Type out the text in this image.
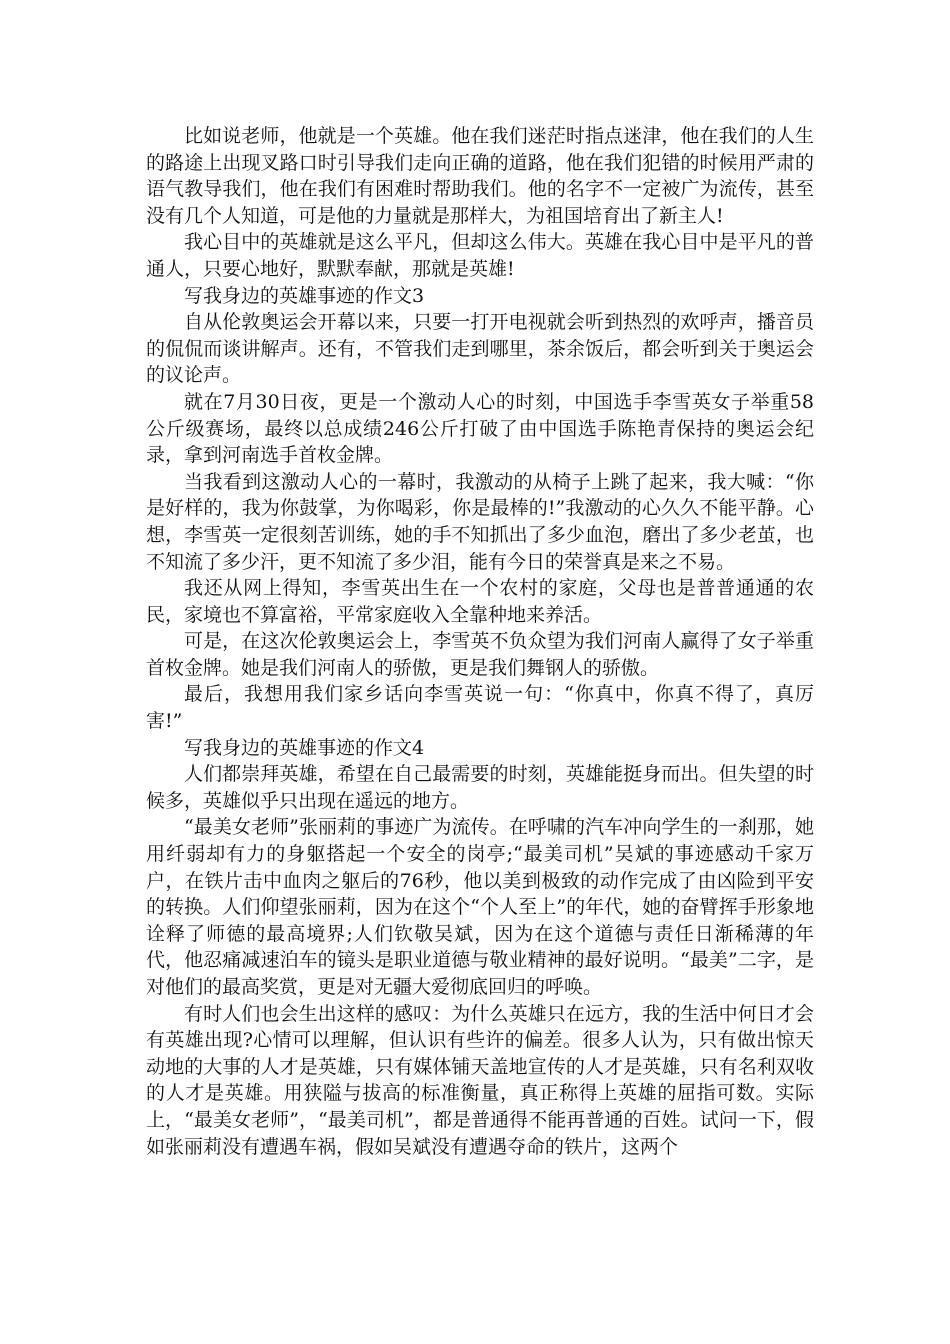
比如说老师，他就是一个英雄。他在我们迷茫时指点迷津，他在我们的人生的路途上出现叉路口时引导我们走向正确的道路，他在我们犯错的时候用严肃的语气教导我们，他在我们有困难时帮助我们。他的名字不一定被广为流传，甚至没有几个人知道，可是他的力量就是那样大，为祖国培育出了新主人!

我心目中的英雄就是这么平凡，但却这么伟大。英雄在我心目中是平凡的普通人，只要心地好，默默奉献，那就是英雄!

写我身边的英雄事迹的作文3

自从伦敦奥运会开幕以来，只要一打开电视就会听到热烈的欢呼声，播音员的侃侃而谈讲解声。还有，不管我们走到哪里，茶余饭后，都会听到关于奥运会的议论声。

就在7月30日夜，更是一个激动人心的时刻，中国选手李雪英女子举重58公斤级赛场，最终以总成绩246公斤打破了由中国选手陈艳青保持的奥运会纪录，拿到河南选手首枚金牌。

当我看到这激动人心的一幕时，我激动的从椅子上跳了起来，我大喊：“你是好样的，我为你鼓掌，为你喝彩，你是最棒的!”我激动的心久久不能平静。心想，李雪英一定很刻苦训练，她的手不知抓出了多少血泡，磨出了多少老茧，也不知流了多少汗，更不知流了多少泪，能有今日的荣誉真是来之不易。

我还从网上得知，李雪英出生在一个农村的家庭，父母也是普普通通的农民，家境也不算富裕，平常家庭收入全靠种地来养活。

可是，在这次伦敦奥运会上，李雪英不负众望为我们河南人赢得了女子举重首枚金牌。她是我们河南人的骄傲，更是我们舞钢人的骄傲。

最后，我想用我们家乡话向李雪英说一句：“你真中，你真不得了，真厉害!”

写我身边的英雄事迹的作文4

人们都崇拜英雄，希望在自己最需要的时刻，英雄能挺身而出。但失望的时候多，英雄似乎只出现在遥远的地方。

“最美女老师”张丽莉的事迹广为流传。在呼啸的汽车冲向学生的一刹那，她用纤弱却有力的身躯搭起一个安全的岗亭;“最美司机”吴斌的事迹感动千家万户，在铁片击中血肉之躯后的76秒，他以美到极致的动作完成了由凶险到平安的转换。人们仰望张丽莉，因为在这个“个人至上”的年代，她的奋臂挥手形象地诠释了师德的最高境界;人们钦敬吴斌，因为在这个道德与责任日渐稀薄的年代，他忍痛减速泊车的镜头是职业道德与敬业精神的最好说明。“最美”二字，是对他们的最高奖赏，更是对无疆大爱彻底回归的呼唤。

有时人们也会生出这样的感叹：为什么英雄只在远方，我的生活中何日才会有英雄出现?心情可以理解，但认识有些许的偏差。很多人认为，只有做出惊天动地的大事的人才是英雄，只有媒体铺天盖地宣传的人才是英雄，只有名利双收的人才是英雄。用狭隘与拔高的标准衡量，真正称得上英雄的屈指可数。实际上，“最美女老师”，“最美司机”，都是普通得不能再普通的百姓。试问一下，假如张丽莉没有遭遇车祸，假如吴斌没有遭遇夺命的铁片，这两个
